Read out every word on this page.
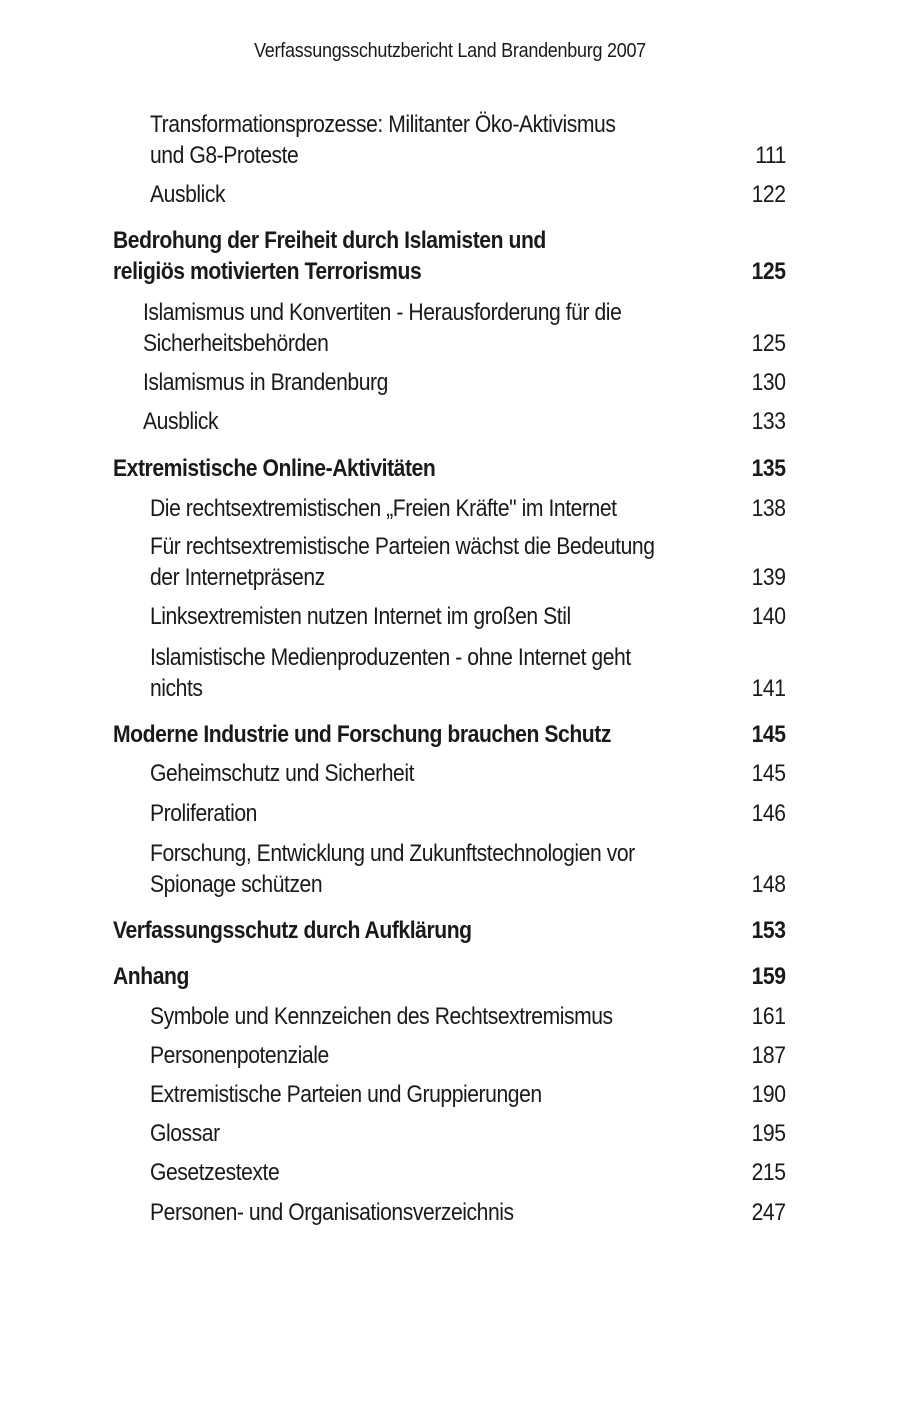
Verfassungsschutzbericht Land Brandenburg 2007
Transformationsprozesse: Militanter Öko-Aktivismus
und G8-Proteste	111
Ausblick	122
Bedrohung der Freiheit durch Islamisten und
religiös motivierten Terrorismus	125
Islamismus und Konvertiten - Herausforderung für die
Sicherheitsbehörden	125
Islamismus in Brandenburg	130
Ausblick	133
Extremistische Online-Aktivitäten	135
Die rechtsextremistischen „Freien Kräfte" im Internet	138
Für rechtsextremistische Parteien wächst die Bedeutung
der Internetpräsenz	139
Linksextremisten nutzen Internet im großen Stil	140
Islamistische Medienproduzenten - ohne Internet geht
nichts	141
Moderne Industrie und Forschung brauchen Schutz	145
Geheimschutz und Sicherheit	145
Proliferation	146
Forschung, Entwicklung und Zukunftstechnologien vor
Spionage schützen	148
Verfassungsschutz durch Aufklärung	153
Anhang	159
Symbole und Kennzeichen des Rechtsextremismus	161
Personenpotenziale	187
Extremistische Parteien und Gruppierungen	190
Glossar	195
Gesetzestexte	215
Personen- und Organisationsverzeichnis	247
